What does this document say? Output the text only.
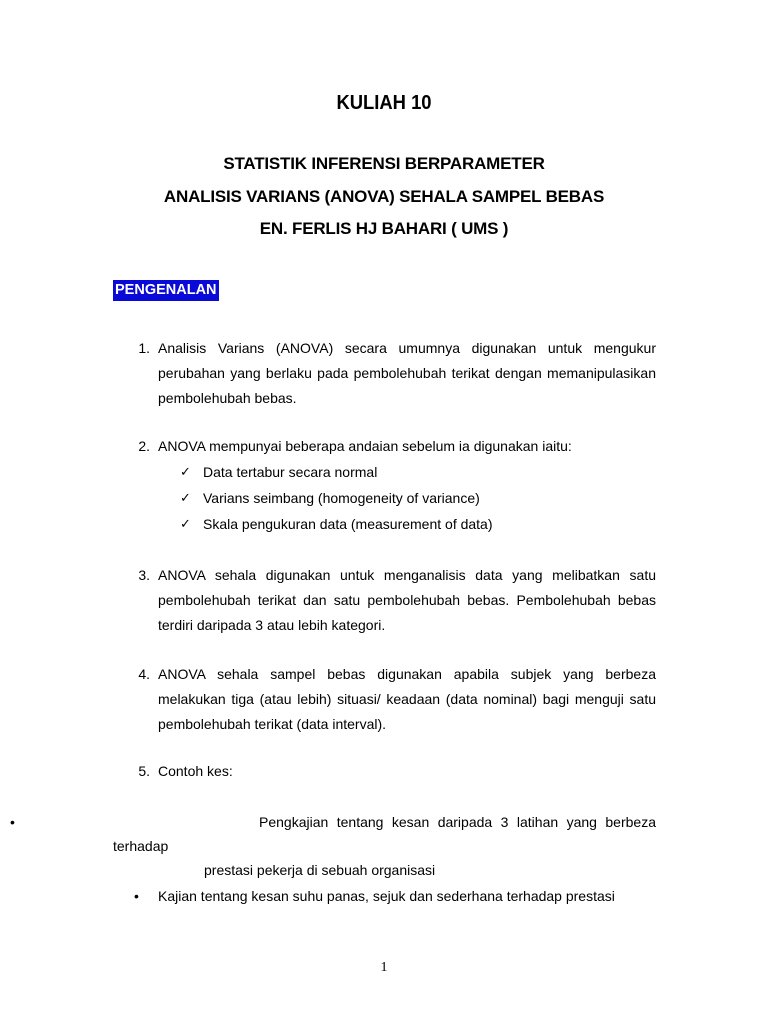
KULIAH 10
STATISTIK INFERENSI BERPARAMETER
ANALISIS VARIANS (ANOVA) SEHALA SAMPEL BEBAS
EN. FERLIS HJ BAHARI ( UMS )
PENGENALAN
1. Analisis Varians (ANOVA) secara umumnya digunakan untuk mengukur perubahan yang berlaku pada pembolehubah terikat dengan memanipulasikan pembolehubah bebas.
2. ANOVA mempunyai beberapa andaian sebelum ia digunakan iaitu:
✓ Data tertabur secara normal
✓ Varians seimbang (homogeneity of variance)
✓ Skala pengukuran data (measurement of data)
3. ANOVA sehala digunakan untuk menganalisis data yang melibatkan satu pembolehubah terikat dan satu pembolehubah bebas. Pembolehubah bebas terdiri daripada 3 atau lebih kategori.
4. ANOVA sehala sampel bebas digunakan apabila subjek yang berbeza melakukan tiga (atau lebih) situasi/ keadaan (data nominal) bagi menguji satu pembolehubah terikat (data interval).
5. Contoh kes:
•	Pengkajian tentang kesan daripada 3 latihan yang berbeza
terhadap
prestasi pekerja di sebuah organisasi
• Kajian tentang kesan suhu panas, sejuk dan sederhana terhadap prestasi
1
